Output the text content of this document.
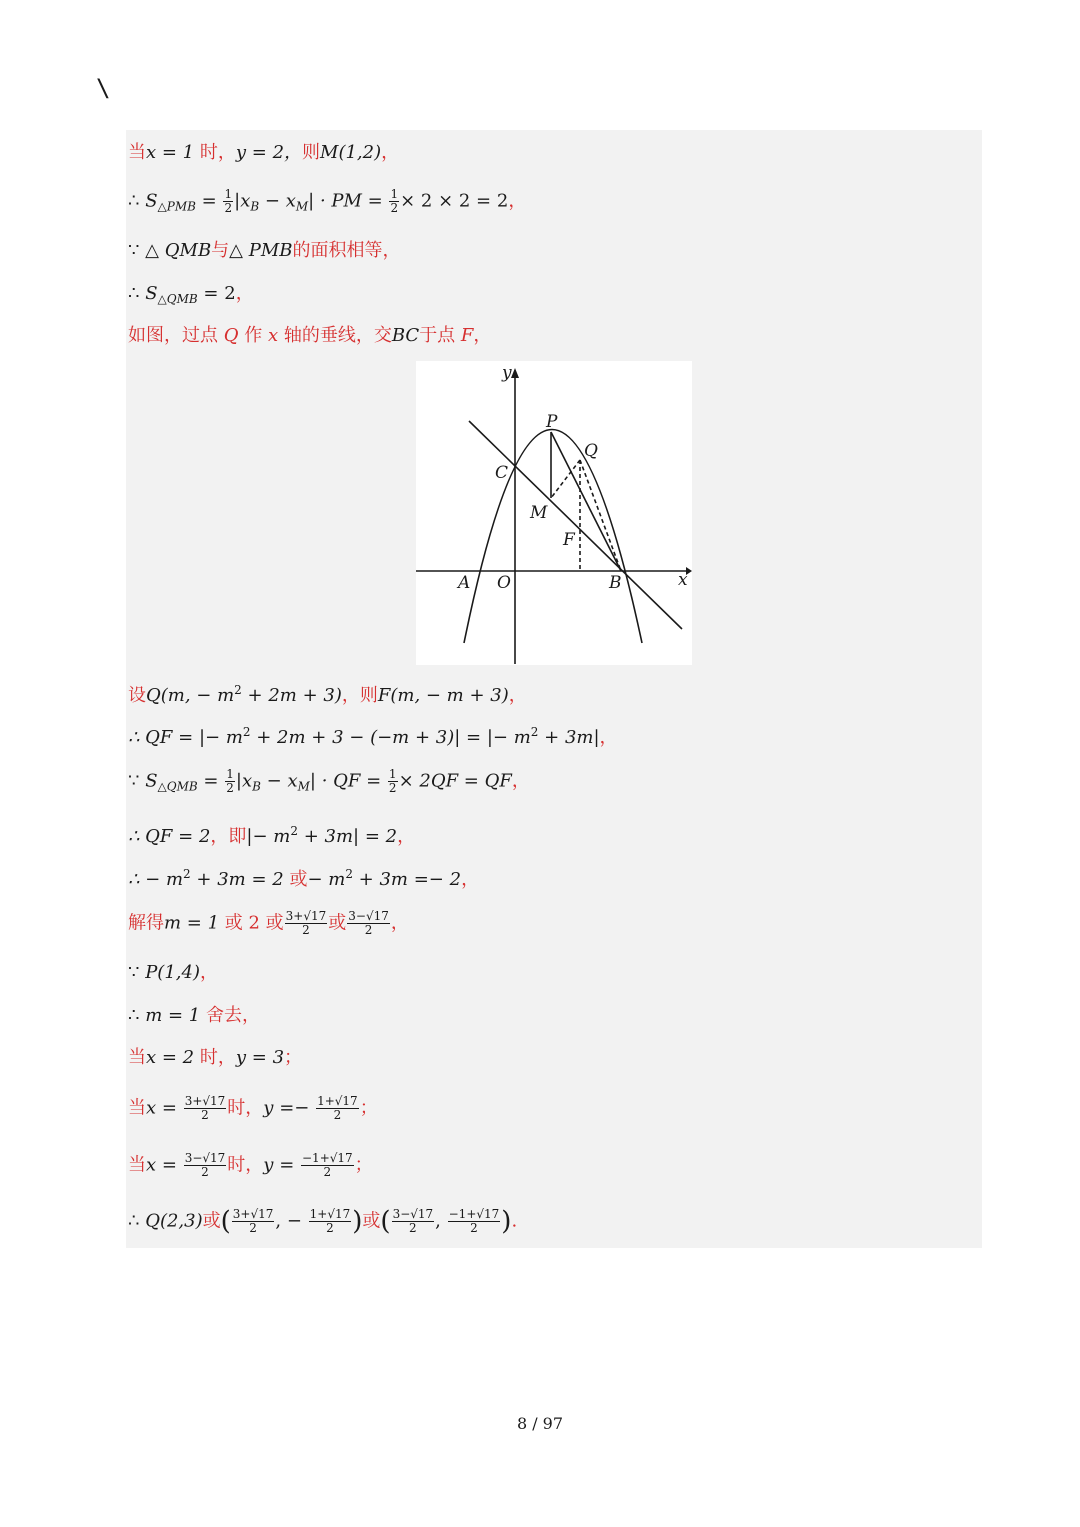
\
当x = 1 时，y = 2，则M(1,2)，
∴ $S_{\triangle PMB} = \frac{1}{2} |x_B - x_M|$ · PM = $\frac{1}{2} \times 2 \times 2 = 2$，
∵ △ QMB与△ PMB的面积相等，
∴ $S_{\triangle QMB} = 2$，
如图，过点 Q 作 x 轴的垂线，交BC于点 F，
y
x
P
Q
C
M
F
A O	B
设Q(m, − $m^2 + 2m + 3$)，则F(m, − m + 3)，
∴ QF = |− $m^2 + 2m + 3 - (-m + 3)|$ = |− $m^2 + 3m|$，
∵ $S_{\triangle QMB} = \frac{1}{2} |x_B - x_M|$ · QF = $\frac{1}{2} \times 2QF$ = QF，
∴ QF = 2，即|− $m^2 + 3m| = 2$，
∴ − $m^2 + 3m = 2$ 或− $m^2 + 3m =- 2$，
解得m = 1 或 2 或 $\frac{3+√17}{2}$ 或 $\frac{3-√17}{2}$ ，
∵ P(1,4)，
∴ m = 1 舍去，
当x = 2 时，y = 3；
当$x = \frac{3+√17}{2}$ 时，$y =- \frac{1+√17}{2}$ ；
当$x = \frac{3-√17}{2}$ 时，$y = \frac{-1+√17}{2}$ ；
∴ Q(2,3)或( $\frac{3+√17}{2}$ , − $\frac{1+√17}{2}$ )或( $\frac{3-√17}{2}$ , $\frac{-1+√17}{2}$ ).
8 / 97
